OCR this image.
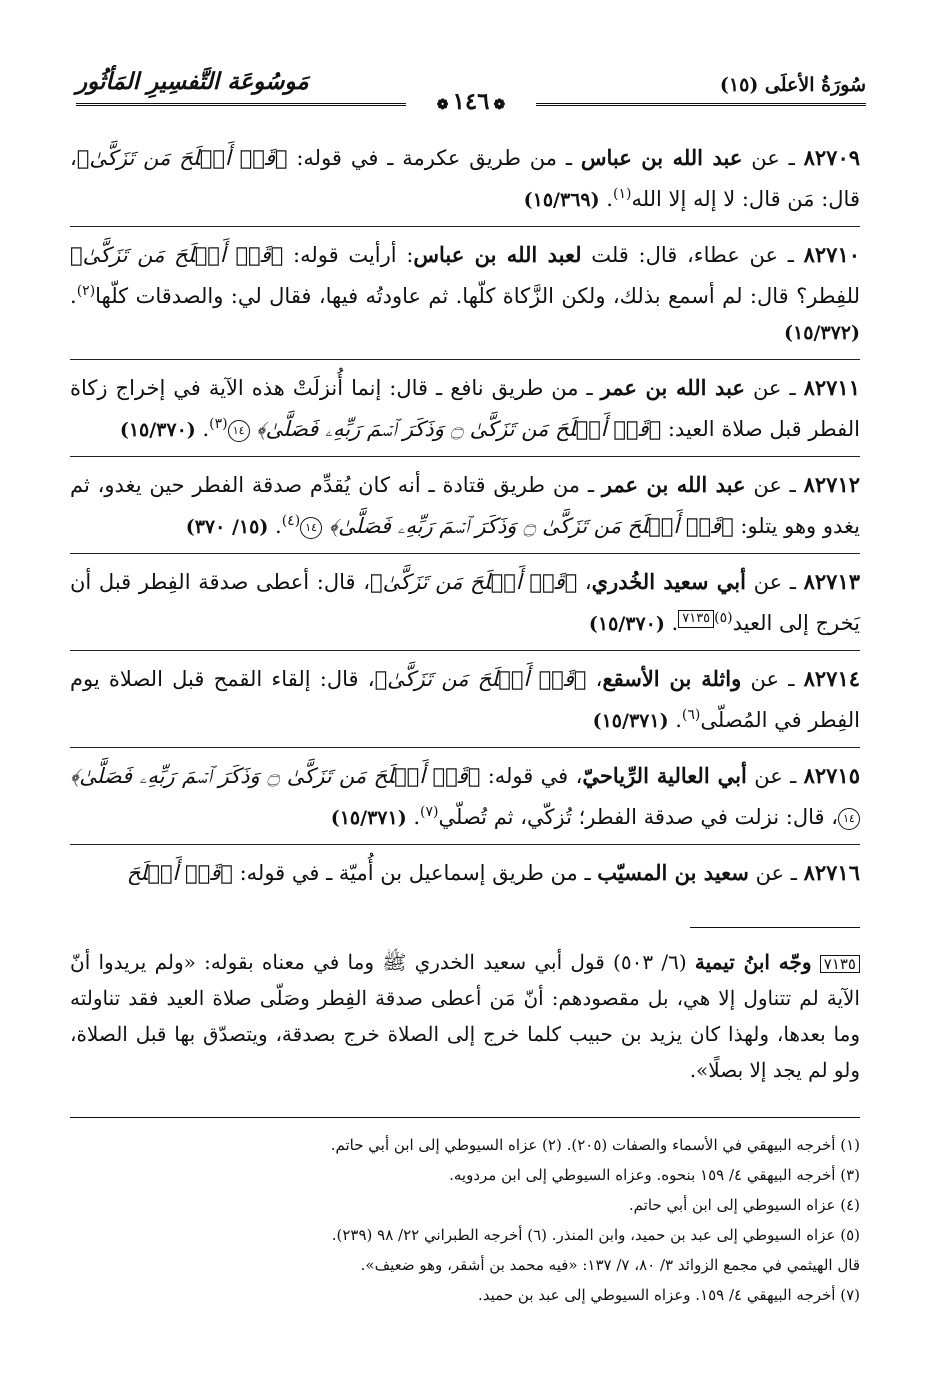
سُورَةُ الأعلَى (١٥)
❁١٤٦❁
مَوسُوعَة التَّفسِيرِ المَأثُور

٨٢٧٠٩ ـ عن عبد الله بن عباس ـ من طريق عكرمة ـ في قوله: ﴿قَدۡ أَفۡلَحَ مَن تَزَكَّىٰ﴾، قال: مَن قال: لا إله إلا الله$^{(١)}$. (١٥/٣٦٩)

٨٢٧١٠ ـ عن عطاء، قال: قلت لعبد الله بن عباس: أرأيت قوله: ﴿قَدۡ أَفۡلَحَ مَن تَزَكَّىٰ﴾ للفِطر؟ قال: لم أسمع بذلك، ولكن الزَّكاة كلّها. ثم عاودتُه فيها، فقال لي: والصدقات كلّها$^{(٢)}$. (١٥/٣٧٢)

٨٢٧١١ ـ عن عبد الله بن عمر ـ من طريق نافع ـ قال: إنما أُنزلَتْ هذه الآية في إخراج زكاة الفطر قبل صلاة العيد: ﴿قَدۡ أَفۡلَحَ مَن تَزَكَّىٰ ۝ وَذَكَرَ ٱسۡمَ رَبِّهِۦ فَصَلَّىٰ﴾ ١٤$^{(٣)}$. (١٥/٣٧٠)

٨٢٧١٢ ـ عن عبد الله بن عمر ـ من طريق قتادة ـ أنه كان يُقدِّم صدقة الفطر حين يغدو، ثم يغدو وهو يتلو: ﴿قَدۡ أَفۡلَحَ مَن تَزَكَّىٰ ۝ وَذَكَرَ ٱسۡمَ رَبِّهِۦ فَصَلَّىٰ﴾ ١٤$^{(٤)}$. (١٥/ ٣٧٠)

٨٢٧١٣ ـ عن أبي سعيد الخُدري، ﴿قَدۡ أَفۡلَحَ مَن تَزَكَّىٰ﴾، قال: أعطى صدقة الفِطر قبل أن يَخرج إلى العيد$^{(٥)}$٧١٣٥. (١٥/٣٧٠)

٨٢٧١٤ ـ عن واثلة بن الأسقع، ﴿قَدۡ أَفۡلَحَ مَن تَزَكَّىٰ﴾، قال: إلقاء القمح قبل الصلاة يوم الفِطر في المُصلّى$^{(٦)}$. (١٥/٣٧١)

٨٢٧١٥ ـ عن أبي العالية الرِّياحيّ، في قوله: ﴿قَدۡ أَفۡلَحَ مَن تَزَكَّىٰ ۝ وَذَكَرَ ٱسۡمَ رَبِّهِۦ فَصَلَّىٰ﴾ ١٤، قال: نزلت في صدقة الفطر؛ تُزكّي، ثم تُصلّي$^{(٧)}$. (١٥/٣٧١)

٨٢٧١٦ ـ عن سعيد بن المسيّب ـ من طريق إسماعيل بن أُميّة ـ في قوله: ﴿قَدۡ أَفۡلَحَ

٧١٣٥ وجّه ابنُ تيمية (٦/ ٥٠٣) قول أبي سعيد الخدري ﷺ وما في معناه بقوله: «ولم يريدوا أنّ الآية لم تتناول إلا هي، بل مقصودهم: أنّ مَن أعطى صدقة الفِطر وصَلّى صلاة العيد فقد تناولته وما بعدها، ولهذا كان يزيد بن حبيب كلما خرج إلى الصلاة خرج بصدقة، ويتصدّق بها قبل الصلاة، ولو لم يجد إلا بصلًا».

(١) أخرجه البيهقي في الأسماء والصفات (٢٠٥). (٢) عزاه السيوطي إلى ابن أبي حاتم.

(٣) أخرجه البيهقي ٤/ ١٥٩ بنحوه. وعزاه السيوطي إلى ابن مردويه.

(٤) عزاه السيوطي إلى ابن أبي حاتم.

(٥) عزاه السيوطي إلى عبد بن حميد، وابن المنذر. (٦) أخرجه الطبراني ٢٢/ ٩٨ (٢٣٩).

قال الهيثمي في مجمع الزوائد ٣/ ٨٠، ٧/ ١٣٧: «فيه محمد بن أشقر، وهو ضعيف».

(٧) أخرجه البيهقي ٤/ ١٥٩. وعزاه السيوطي إلى عبد بن حميد.
